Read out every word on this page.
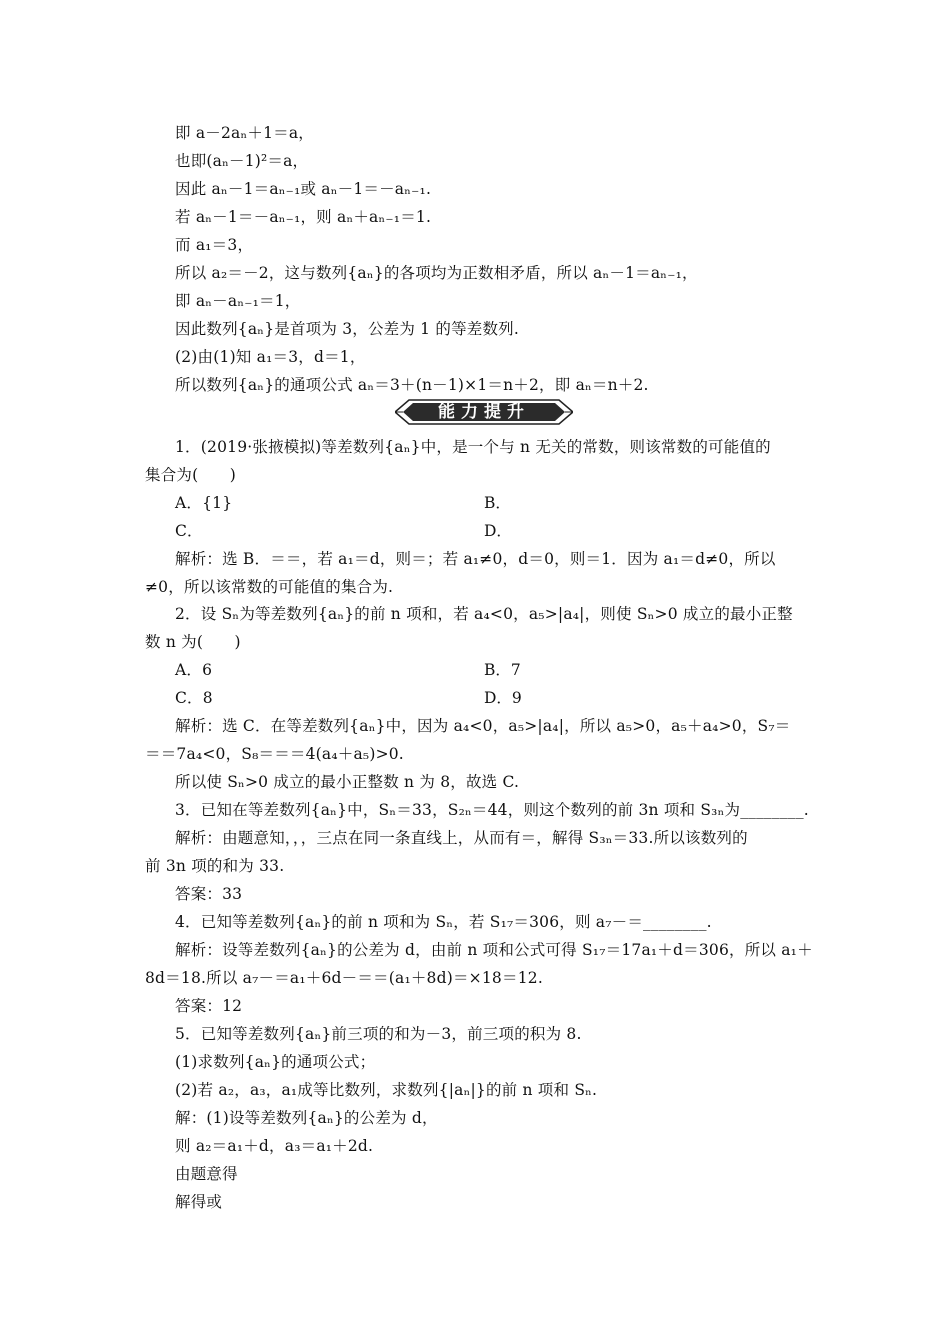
即 a－2aₙ＋1＝a，
也即(aₙ－1)²＝a，
因此 aₙ－1＝aₙ₋₁或 aₙ－1＝－aₙ₋₁.
若 aₙ－1＝－aₙ₋₁，则 aₙ＋aₙ₋₁＝1.
而 a₁＝3，
所以 a₂＝－2，这与数列{aₙ}的各项均为正数相矛盾，所以 aₙ－1＝aₙ₋₁，
即 aₙ－aₙ₋₁＝1，
因此数列{aₙ}是首项为 3，公差为 1 的等差数列.
(2)由(1)知 a₁＝3，d＝1，
所以数列{aₙ}的通项公式 aₙ＝3＋(n－1)×1＝n＋2，即 aₙ＝n＋2.
能力提升
1．(2019·张掖模拟)等差数列{aₙ}中，是一个与 n 无关的常数，则该常数的可能值的
集合为(　　)
A．{1}	B．
C．	D．
解析：选 B．＝＝，若 a₁＝d，则＝；若 a₁≠0，d＝0，则＝1．因为 a₁＝d≠0，所以
≠0，所以该常数的可能值的集合为.
2．设 Sₙ为等差数列{aₙ}的前 n 项和，若 a₄<0，a₅>|a₄|，则使 Sₙ>0 成立的最小正整
数 n 为(　　)
A．6	B．7
C．8	D．9
解析：选 C．在等差数列{aₙ}中，因为 a₄<0，a₅>|a₄|，所以 a₅>0，a₅＋a₄>0，S₇＝
＝＝7a₄<0，S₈＝＝＝4(a₄＋a₅)>0.
所以使 Sₙ>0 成立的最小正整数 n 为 8，故选 C.
3．已知在等差数列{aₙ}中，Sₙ＝33，S₂ₙ＝44，则这个数列的前 3n 项和 S₃ₙ为________.
解析：由题意知，，，三点在同一条直线上，从而有＝，解得 S₃ₙ＝33.所以该数列的
前 3n 项的和为 33.
答案：33
4．已知等差数列{aₙ}的前 n 项和为 Sₙ，若 S₁₇＝306，则 a₇－＝________.
解析：设等差数列{aₙ}的公差为 d，由前 n 项和公式可得 S₁₇＝17a₁＋d＝306，所以 a₁＋
8d＝18.所以 a₇－＝a₁＋6d－＝＝(a₁＋8d)＝×18＝12.
答案：12
5．已知等差数列{aₙ}前三项的和为－3，前三项的积为 8.
(1)求数列{aₙ}的通项公式；
(2)若 a₂，a₃，a₁成等比数列，求数列{|aₙ|}的前 n 项和 Sₙ.
解：(1)设等差数列{aₙ}的公差为 d，
则 a₂＝a₁＋d，a₃＝a₁＋2d.
由题意得
解得或
